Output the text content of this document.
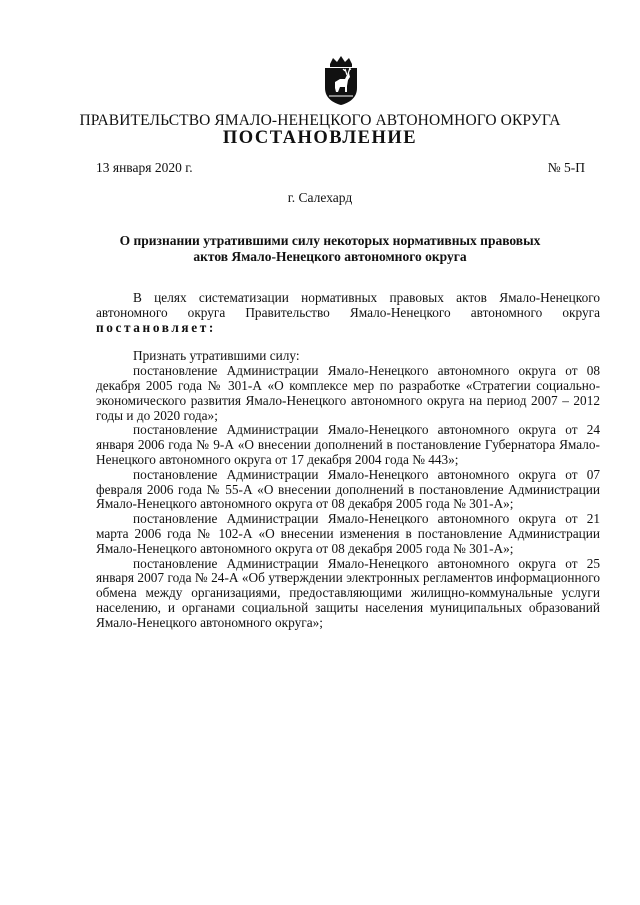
ПРАВИТЕЛЬСТВО ЯМАЛО-НЕНЕЦКОГО АВТОНОМНОГО ОКРУГА
ПОСТАНОВЛЕНИЕ
13 января 2020 г.	№ 5-П
г. Салехард
О признании утратившими силу некоторых нормативных правовых
актов Ямало-Ненецкого автономного округа

В целях систематизации нормативных правовых актов Ямало-Ненецкого автономного округа Правительство Ямало-Ненецкого автономного округа постановляет:

Признать утратившими силу:

постановление Администрации Ямало-Ненецкого автономного округа от 08 декабря 2005 года № 301-А «О комплексе мер по разработке «Стратегии социально-экономического развития Ямало-Ненецкого автономного округа на период 2007 – 2012 годы и до 2020 года»;

постановление Администрации Ямало-Ненецкого автономного округа от 24 января 2006 года № 9-А «О внесении дополнений в постановление Губернатора Ямало-Ненецкого автономного округа от 17 декабря 2004 года № 443»;

постановление Администрации Ямало-Ненецкого автономного округа от 07 февраля 2006 года № 55-А «О внесении дополнений в постановление Администрации Ямало-Ненецкого автономного округа от 08 декабря 2005 года № 301-А»;

постановление Администрации Ямало-Ненецкого автономного округа от 21 марта 2006 года № 102-А «О внесении изменения в постановление Администрации Ямало-Ненецкого автономного округа от 08 декабря 2005 года № 301-А»;

постановление Администрации Ямало-Ненецкого автономного округа от 25 января 2007 года № 24-А «Об утверждении электронных регламентов информационного обмена между организациями, предоставляющими жилищно-коммунальные услуги населению, и органами социальной защиты населения муниципальных образований Ямало-Ненецкого автономного округа»;
